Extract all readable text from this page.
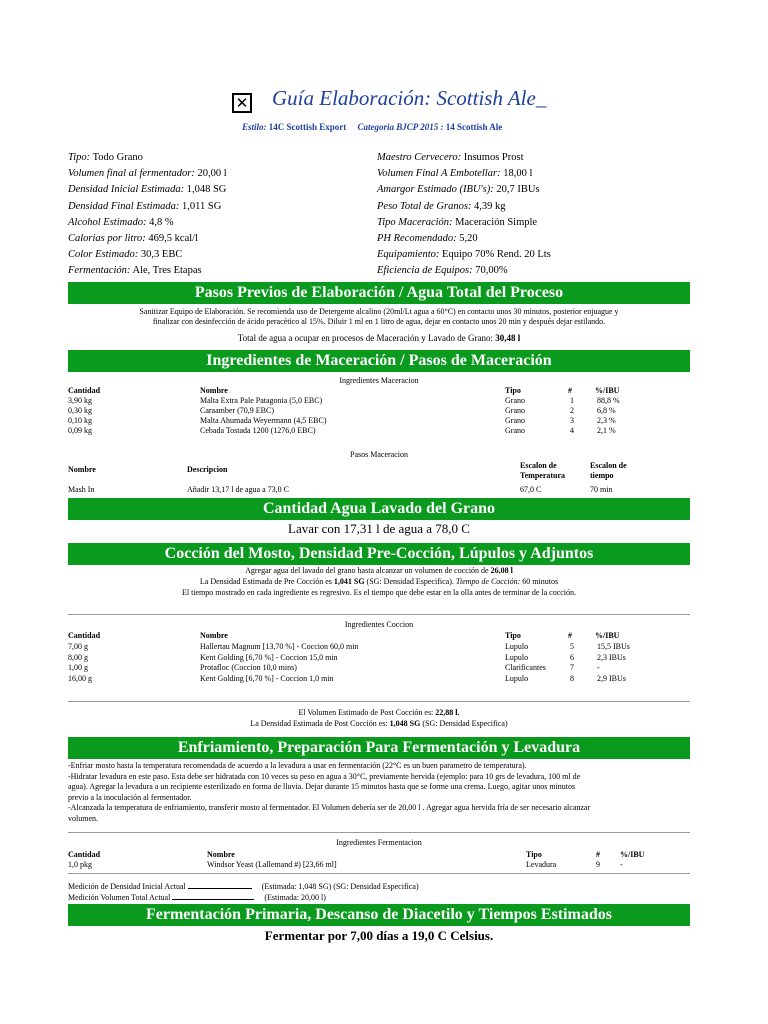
✕ Guía Elaboración: Scottish Ale_
Estilo: 14C Scottish Export Categoria BJCP 2015 : 14 Scottish Ale
Tipo: Todo Grano
Volumen final al fermentador: 20,00 l
Densidad Inicial Estimada: 1,048 SG
Densidad Final Estimada: 1,011 SG
Alcohol Estimado: 4,8 %
Calorias por litro: 469,5 kcal/l
Color Estimado: 30,3 EBC
Fermentación: Ale, Tres Etapas
Maestro Cervecero: Insumos Prost
Volumen Final A Embotellar: 18,00 l
Amargor Estimado (IBU's): 20,7 IBUs
Peso Total de Granos: 4,39 kg
Tipo Maceración: Maceración Simple
PH Recomendado: 5,20
Equipamiento: Equipo 70% Rend. 20 Lts
Eficiencia de Equipos: 70,00%
Pasos Previos de Elaboración / Agua Total del Proceso
Sanitizar Equipo de Elaboración. Se recomienda uso de Detergente alcalino (20ml/Lt agua a 60°C) en contacto unos 30 minutos, posterior enjuague y
finalizar con desinfección de ácido peracético al 15%. Diluir 1 ml en 1 litro de agua, dejar en contacto unos 20 min y después dejar estilando.
Total de agua a ocupar en procesos de Maceración y Lavado de Grano: 30,48 l
Ingredientes de Maceración / Pasos de Maceración
Ingredientes Maceracion
Cantidad	Nombre	Tipo	#	%/IBU
3,90 kg	Malta Extra Pale Patagonia (5,0 EBC)	Grano	1	88,8 %
0,30 kg	Caraamber (70,9 EBC)	Grano	2	6,8 %
0,10 kg	Malta Ahumada Weyermann (4,5 EBC)	Grano	3	2,3 %
0,09 kg	Cebada Tostada 1200 (1276,0 EBC)	Grano	4	2,1 %
Pasos Maceracion
Nombre	Descripcion	Escalon de
Temperatura
Escalon de
tiempo
Mash In	Añadir 13,17 l de agua a 73,0 C	67,0 C	70 min
Cantidad Agua Lavado del Grano
Lavar con 17,31 l de agua a 78,0 C
Cocción del Mosto, Densidad Pre-Cocción, Lúpulos y Adjuntos
Agregar agua del lavado del grano hasta alcanzar un volumen de cocción de 26,08 l
La Densidad Estimada de Pre Cocción es 1,041 SG (SG: Densidad Especifica). Tiempo de Cocción: 60 minutos
El tiempo mostrado en cada ingrediente es regresivo. Es el tiempo que debe estar en la olla antes de terminar de la cocción.
Ingredientes Coccion
Cantidad	Nombre	Tipo	#	%/IBU
7,00 g	Hallertau Magnum [13,70 %] - Coccion 60,0 min	Lupulo	5	15,5 IBUs
8,00 g	Kent Golding [6,70 %] - Coccion 15,0 min	Lupulo	6	2,3 IBUs
1,00 g	Protafloc (Coccion 10,0 mins)	Clarificantes	7	-
16,00 g	Kent Golding [6,70 %] - Coccion 1,0 min	Lupulo	8	2,9 IBUs
El Volumen Estimado de Post Cocción es: 22,88 l.
La Densidad Estimada de Post Cocción es: 1,048 SG (SG: Densidad Especifica)
Enfriamiento, Preparación Para Fermentación y Levadura
-Enfriar mosto hasta la temperatura recomendada de acuerdo a la levadura a usar en fermentación (22°C es un buen parametro de temperatura).
-Hidratar levadura en este paso. Esta debe ser hidratada con 10 veces su peso en agua a 30°C, previamente hervida (ejemplo: para 10 grs de levadura, 100 ml de
agua). Agregar la levadura a un recipiente esterilizado en forma de lluvia. Dejar durante 15 minutos hasta que se forme una crema. Luego, agitar unos minutos
previo a la inoculación al fermentador.
-Alcanzada la temperatura de enfriamiento, transferir mosto al fermentador. El Volumen debería ser de 20,00 l . Agregar agua hervida fría de ser necesario alcanzar
volumen.
Ingredientes Fermentacion
Cantidad	Nombre	Tipo	#	%/IBU
1,0 pkg	Windsor Yeast (Lallemand #) [23,66 ml]	Levadura	9	-
Medición de Densidad Inicial Actual	(Estimada: 1,048 SG) (SG: Densidad Especifica)
Medición Volumen Total Actual	(Estimada: 20,00 l)
Fermentación Primaria, Descanso de Diacetilo y Tiempos Estimados
Fermentar por 7,00 días a 19,0 C Celsius.
